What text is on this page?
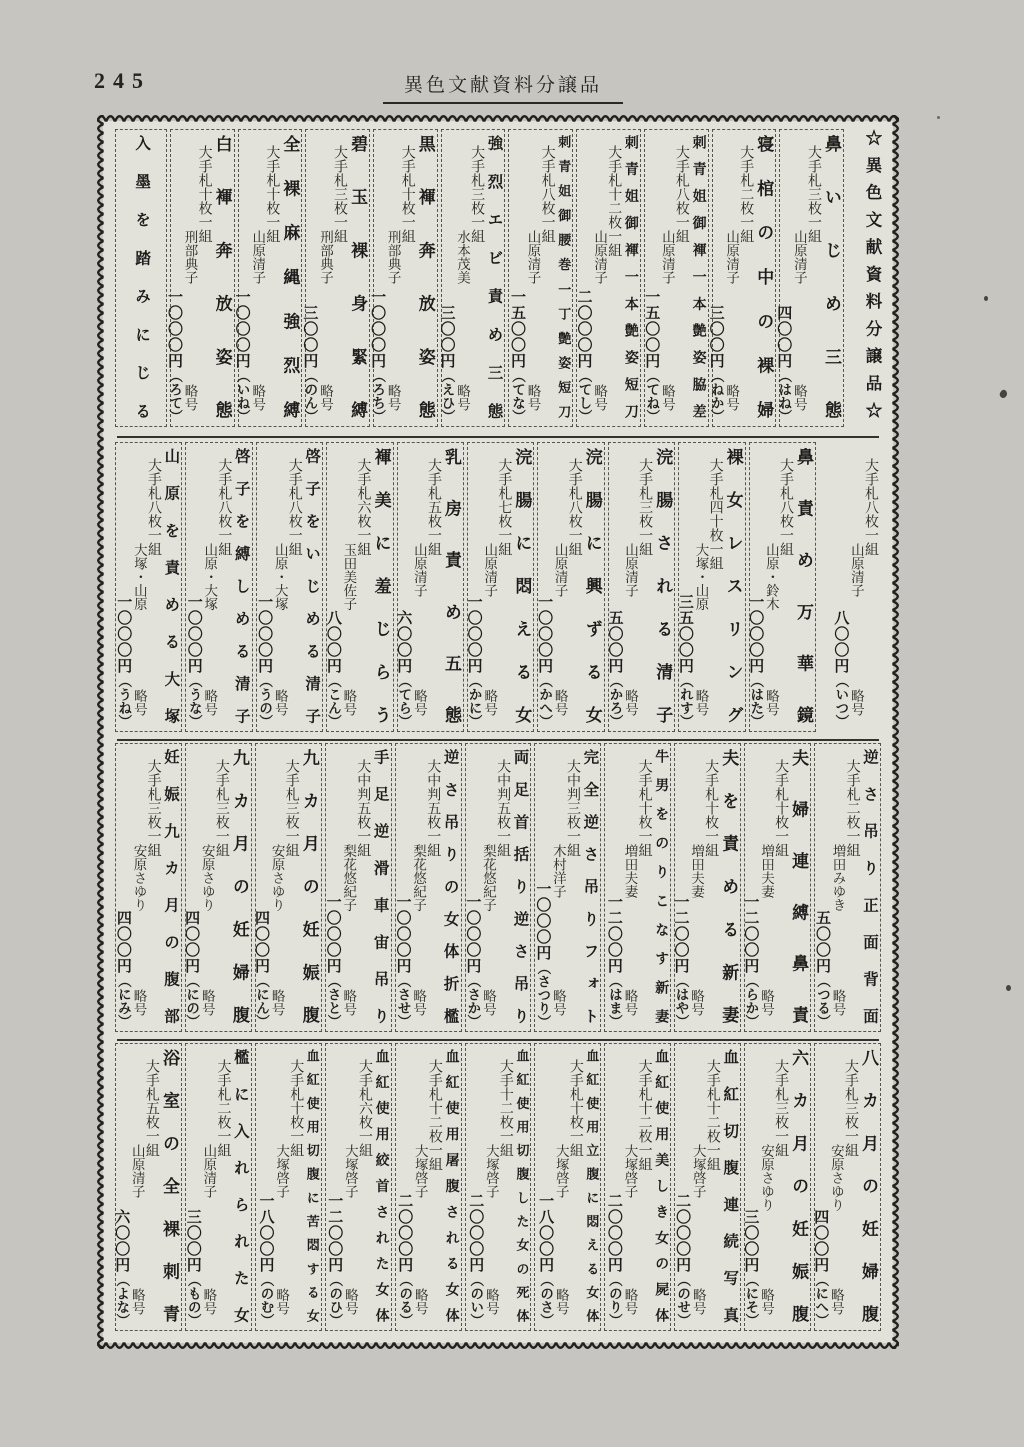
245	異色文献資料分譲品
☆異色文献資料分譲品☆
鼻いじめ三態
大手札三枚一組
山原清子
略号
四〇〇円（はね）
寝棺の中の裸婦
大手札二枚一組
山原清子
略号
三〇〇円（ねか）
刺青姐御褌一本艶姿脇差
大手札八枚一組
山原清子
略号
一五〇〇円（てね）
刺青姐御褌一本艶姿短刀
大手札十二枚一組
山原清子
略号
二〇〇〇円（てし）
刺青姐御腰巻一丁艶姿短刀
大手札八枚一組
山原清子
略号
一五〇〇円（てな）
強烈エビ責め三態
大手札三枚一組
水本茂美
略号
三〇〇円（えひ）
黒褌奔放姿態
大手札十枚一組
刑部典子
略号
一〇〇〇円（ろち）
碧玉裸身緊縛
大手札三枚一組
刑部典子
略号
三〇〇円（のん）
全裸麻縄強烈縛
大手札十枚一組
山原清子
略号
一〇〇〇円（いね）
白褌奔放姿態
大手札十枚一組
刑部典子
略号
一〇〇〇円（ろて）
入墨を踏みにじる
大手札八枚一組
山原清子
略号
八〇〇円（いつ）
鼻責め万華鏡
大手札八枚一組
山原・鈴木
略号
一〇〇〇円（はた）
裸女レスリング
大手札四十枚一組
大塚・山原
略号
三五〇〇円（れす）
浣腸される清子
大手札三枚一組
山原清子
略号
五〇〇円（かろ）
浣腸に興ずる女
大手札八枚一組
山原清子
略号
一〇〇〇円（かへ）
浣腸に悶える女
大手札七枚一組
山原清子
略号
一〇〇〇円（かに）
乳房責め五態
大手札五枚一組
山原清子
略号
六〇〇円（てら）
褌美に羞じらう
大手札六枚一組
玉田美佐子
略号
八〇〇円（こん）
啓子をいじめる清子
大手札八枚一組
山原・大塚
略号
一〇〇〇円（うの）
啓子を縛しめる清子
大手札八枚一組
山原・大塚
略号
一〇〇〇円（うな）
山原を責める大塚
大手札八枚一組
大塚・山原
略号
一〇〇〇円（うね）
逆さ吊り正面背面
大手札二枚一組
増田みゆき
略号
五〇〇円（つる）
夫婦連縛鼻責
大手札十枚一組
増田夫妻
略号
一二〇〇円（らか）
夫を責める新妻
大手札十枚一組
増田夫妻
略号
一二〇〇円（はや）
牛男をのりこなす新妻
大手札十枚一組
増田夫妻
略号
一二〇〇円（はま）
完全逆さ吊りフォト
大中判三枚一組
木村洋子
略号
一〇〇〇円（さつり）
両足首括り逆さ吊り
大中判五枚一組
梨花悠紀子
略号
一〇〇〇円（さか）
逆さ吊りの女体折檻
大中判五枚一組
梨花悠紀子
略号
一〇〇〇円（させ）
手足逆滑車宙吊り
大中判五枚一組
梨花悠紀子
略号
一〇〇〇円（さと）
九カ月の妊娠腹
大手札三枚一組
安原さゆり
略号
四〇〇円（にん）
九カ月の妊婦腹
大手札三枚一組
安原さゆり
略号
四〇〇円（にの）
妊娠九カ月の腹部
大手札三枚一組
安原さゆり
略号
四〇〇円（にみ）
八カ月の妊婦腹
大手札三枚一組
安原さゆり
略号
四〇〇円（にへ）
六カ月の妊娠腹
大手札三枚一組
安原さゆり
略号
三〇〇円（にそ）
血紅切腹連続写真
大手札十二枚一組
大塚啓子
略号
二〇〇〇円（のせ）
血紅使用美しき女の屍体
大手札十二枚一組
大塚啓子
略号
二〇〇〇円（のり）
血紅使用立腹に悶える女体
大手札十枚一組
大塚啓子
略号
一八〇〇円（のさ）
血紅使用切腹した女の死体
大手十二枚一組
大塚啓子
略号
二〇〇〇円（のい）
血紅使用屠腹される女体
大手札十二枚一組
大塚啓子
略号
二〇〇〇円（のる）
血紅使用絞首された女体
大手札六枚一組
大塚啓子
略号
一二〇〇円（のひ）
血紅使用切腹に苦悶する女
大手札十枚一組
大塚啓子
略号
一八〇〇円（のむ）
檻に入れられた女
大手札二枚一組
山原清子
略号
三〇〇円（もの）
浴室の全裸刺青
大手札五枚一組
山原清子
略号
六〇〇円（よな）
